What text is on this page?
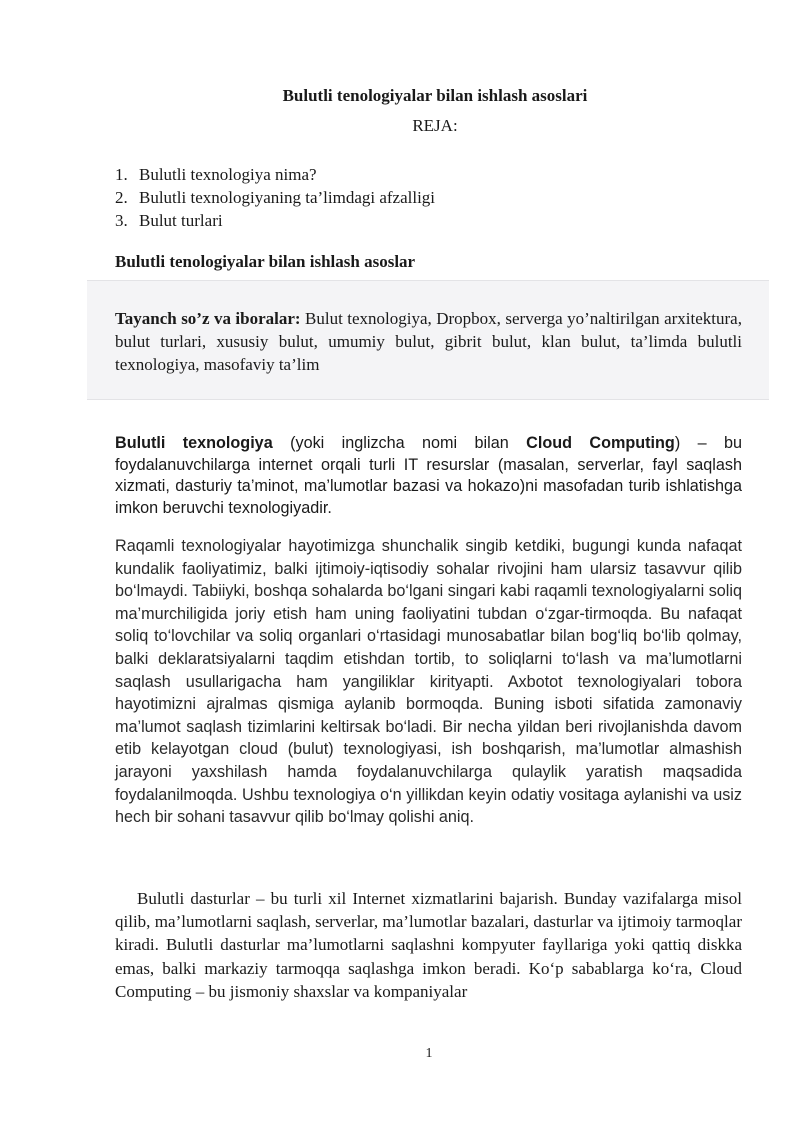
Bulutli tenologiyalar bilan ishlash asoslari
REJA:
1. Bulutli texnologiya nima?
2. Bulutli texnologiyaning ta’limdagi afzalligi
3. Bulut turlari
Bulutli tenologiyalar bilan ishlash asoslar
Tayanch so’z va iboralar: Bulut texnologiya, Dropbox, serverga yo’naltirilgan arxitektura, bulut turlari, xususiy bulut, umumiy bulut, gibrit bulut, klan bulut, ta’limda bulutli texnologiya, masofaviy ta’lim
Bulutli texnologiya (yoki inglizcha nomi bilan Cloud Computing) – bu foydalanuvchilarga internet orqali turli IT resurslar (masalan, serverlar, fayl saqlash xizmati, dasturiy ta’minot, ma’lumotlar bazasi va hokazo)ni masofadan turib ishlatishga imkon beruvchi texnologiyadir.
Raqamli texnologiyalar hayotimizga shunchalik singib ketdiki, bugungi kunda nafaqat kundalik faoliyatimiz, balki ijtimoiy-iqtisodiy sohalar rivojini ham ularsiz tasavvur qilib bo‘lmaydi. Tabiiyki, boshqa sohalarda bo‘lgani singari kabi raqamli texnologiyalarni soliq ma’murchiligida joriy etish ham uning faoliyatini tubdan o‘zgar-tirmoqda. Bu nafaqat soliq to‘lovchilar va soliq organlari o‘rtasidagi munosabatlar bilan bog‘liq bo‘lib qolmay, balki deklaratsiyalarni taqdim etishdan tortib, to soliqlarni to‘lash va ma’lumotlarni saqlash usullarigacha ham yangiliklar kirityapti. Axbotot texnologiyalari tobora hayotimizni ajralmas qismiga aylanib bormoqda. Buning isboti sifatida zamonaviy ma’lumot saqlash tizimlarini keltirsak bo‘ladi. Bir necha yildan beri rivojlanishda davom etib kelayotgan cloud (bulut) texnologiyasi, ish boshqarish, ma’lumotlar almashish jarayoni yaxshilash hamda foydalanuvchilarga qulaylik yaratish maqsadida foydalanilmoqda. Ushbu texnologiya o‘n yillikdan keyin odatiy vositaga aylanishi va usiz hech bir sohani tasavvur qilib bo‘lmay qolishi aniq.
Bulutli dasturlar – bu turli xil Internet xizmatlarini bajarish. Bunday vazifalarga misol qilib, ma’lumotlarni saqlash, serverlar, ma’lumotlar bazalari, dasturlar va ijtimoiy tarmoqlar kiradi. Bulutli dasturlar ma’lumotlarni saqlashni kompyuter fayllariga yoki qattiq diskka emas, balki markaziy tarmoqqa saqlashga imkon beradi. Ko‘p sabablarga ko‘ra, Cloud Computing – bu jismoniy shaxslar va kompaniyalar
1
